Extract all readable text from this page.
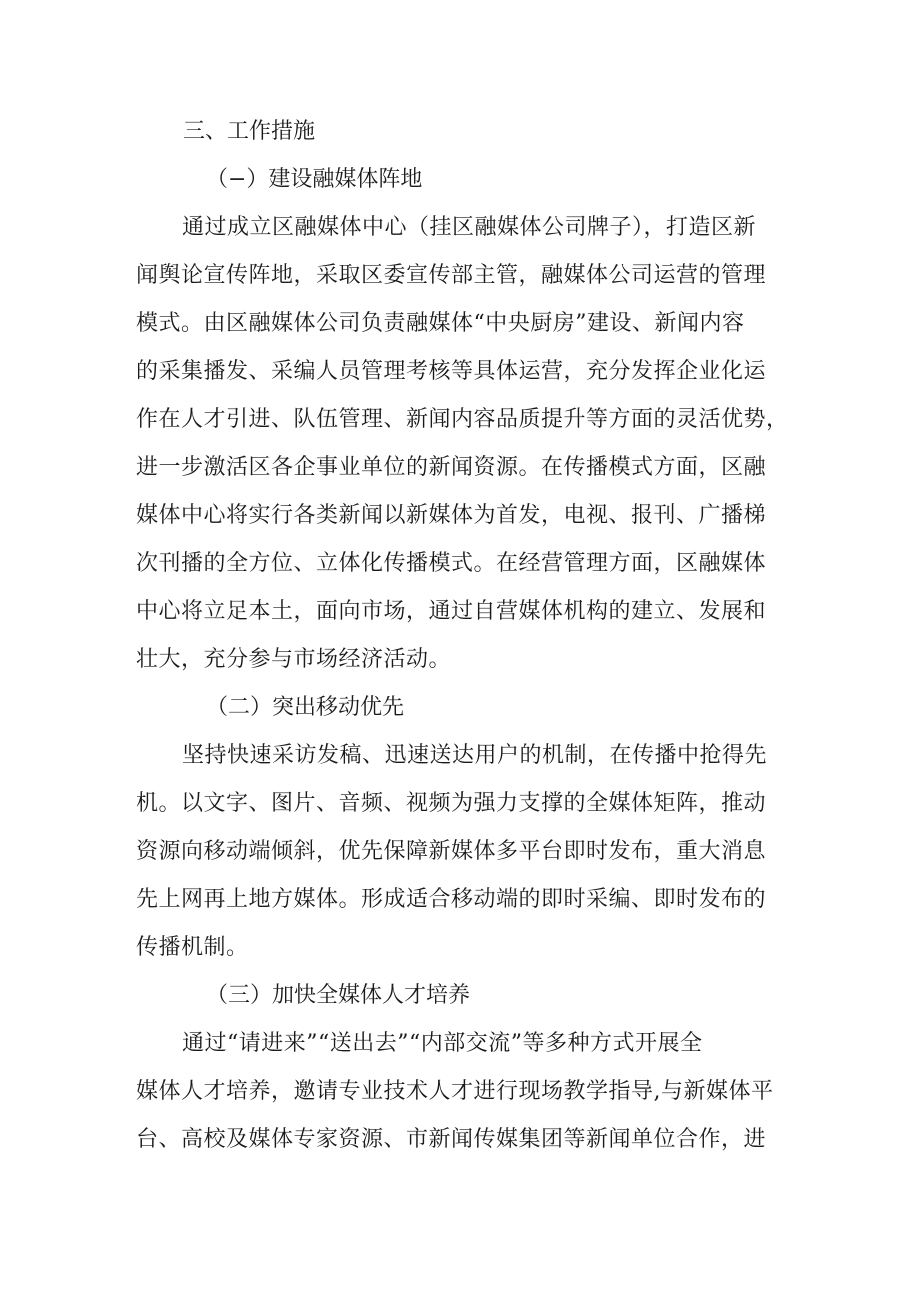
三、工作措施

（−）建设融媒体阵地

通过成立区融媒体中心（挂区融媒体公司牌子），打造区新

闻舆论宣传阵地，采取区委宣传部主管，融媒体公司运营的管理

模式。由区融媒体公司负责融媒体“中央厨房”建设、新闻内容

的采集播发、采编人员管理考核等具体运营，充分发挥企业化运

作在人才引进、队伍管理、新闻内容品质提升等方面的灵活优势，

进一步激活区各企事业单位的新闻资源。在传播模式方面，区融

媒体中心将实行各类新闻以新媒体为首发，电视、报刊、广播梯

次刊播的全方位、立体化传播模式。在经营管理方面，区融媒体

中心将立足本土，面向市场，通过自营媒体机构的建立、发展和

壮大，充分参与市场经济活动。

（二）突出移动优先

坚持快速采访发稿、迅速送达用户的机制，在传播中抢得先

机。以文字、图片、音频、视频为强力支撑的全媒体矩阵，推动

资源向移动端倾斜，优先保障新媒体多平台即时发布，重大消息

先上网再上地方媒体。形成适合移动端的即时采编、即时发布的

传播机制。

（三）加快全媒体人才培养

通过“请进来”“送出去”“内部交流”等多种方式开展全

媒体人才培养，邀请专业技术人才进行现场教学指导,与新媒体平

台、高校及媒体专家资源、市新闻传媒集团等新闻单位合作，进
